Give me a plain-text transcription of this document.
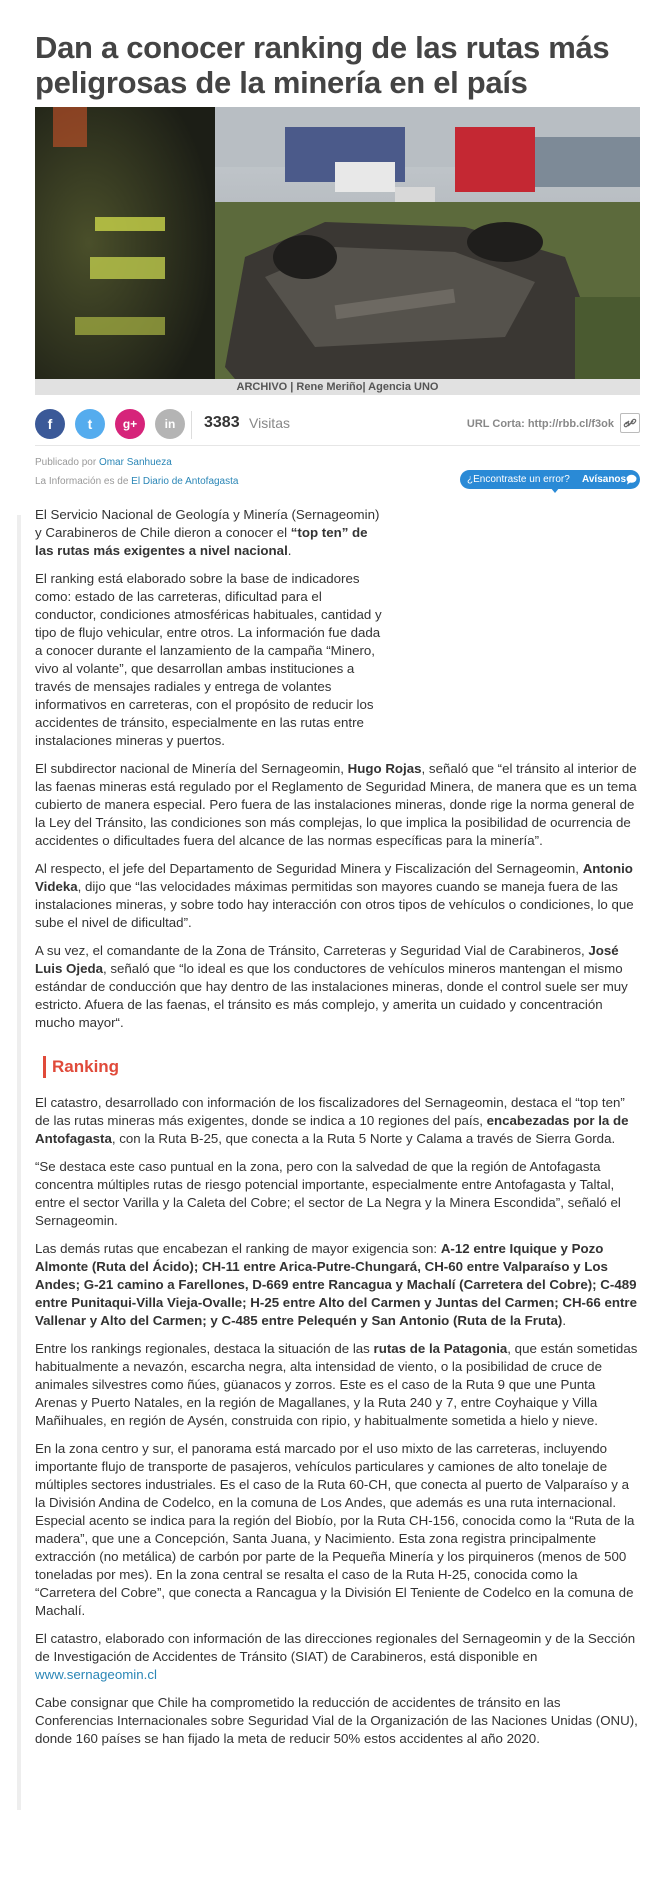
Dan a conocer ranking de las rutas más peligrosas de la minería en el país
ARCHIVO | Rene Meriño| Agencia UNO
f	t	g+	in	3383 Visitas	URL Corta: http://rbb.cl/f3ok
Publicado por Omar Sanhueza
La Información es de El Diario de Antofagasta	¿Encontraste un error? Avísanos

El Servicio Nacional de Geología y Minería (Sernageomin) y Carabineros de Chile dieron a conocer el “top ten” de las rutas más exigentes a nivel nacional.

El ranking está elaborado sobre la base de indicadores como: estado de las carreteras, dificultad para el conductor, condiciones atmosféricas habituales, cantidad y tipo de flujo vehicular, entre otros. La información fue dada a conocer durante el lanzamiento de la campaña “Minero, vivo al volante”, que desarrollan ambas instituciones a través de mensajes radiales y entrega de volantes informativos en carreteras, con el propósito de reducir los accidentes de tránsito, especialmente en las rutas entre instalaciones mineras y puertos.

El subdirector nacional de Minería del Sernageomin, Hugo Rojas, señaló que “el tránsito al interior de las faenas mineras está regulado por el Reglamento de Seguridad Minera, de manera que es un tema cubierto de manera especial. Pero fuera de las instalaciones mineras, donde rige la norma general de la Ley del Tránsito, las condiciones son más complejas, lo que implica la posibilidad de ocurrencia de accidentes o dificultades fuera del alcance de las normas específicas para la minería”.

Al respecto, el jefe del Departamento de Seguridad Minera y Fiscalización del Sernageomin, Antonio Videka, dijo que “las velocidades máximas permitidas son mayores cuando se maneja fuera de las instalaciones mineras, y sobre todo hay interacción con otros tipos de vehículos o condiciones, lo que sube el nivel de dificultad”.

A su vez, el comandante de la Zona de Tránsito, Carreteras y Seguridad Vial de Carabineros, José Luis Ojeda, señaló que “lo ideal es que los conductores de vehículos mineros mantengan el mismo estándar de conducción que hay dentro de las instalaciones mineras, donde el control suele ser muy estricto. Afuera de las faenas, el tránsito es más complejo, y amerita un cuidado y concentración mucho mayor“.

Ranking

El catastro, desarrollado con información de los fiscalizadores del Sernageomin, destaca el “top ten” de las rutas mineras más exigentes, donde se indica a 10 regiones del país, encabezadas por la de Antofagasta, con la Ruta B-25, que conecta a la Ruta 5 Norte y Calama a través de Sierra Gorda.

“Se destaca este caso puntual en la zona, pero con la salvedad de que la región de Antofagasta concentra múltiples rutas de riesgo potencial importante, especialmente entre Antofagasta y Taltal, entre el sector Varilla y la Caleta del Cobre; el sector de La Negra y la Minera Escondida”, señaló el Sernageomin.

Las demás rutas que encabezan el ranking de mayor exigencia son: A-12 entre Iquique y Pozo Almonte (Ruta del Ácido); CH-11 entre Arica-Putre-Chungará, CH-60 entre Valparaíso y Los Andes; G-21 camino a Farellones, D-669 entre Rancagua y Machalí (Carretera del Cobre); C-489 entre Punitaqui-Villa Vieja-Ovalle; H-25 entre Alto del Carmen y Juntas del Carmen; CH-66 entre Vallenar y Alto del Carmen; y C-485 entre Pelequén y San Antonio (Ruta de la Fruta).

Entre los rankings regionales, destaca la situación de las rutas de la Patagonia, que están sometidas habitualmente a nevazón, escarcha negra, alta intensidad de viento, o la posibilidad de cruce de animales silvestres como ñúes, güanacos y zorros. Este es el caso de la Ruta 9 que une Punta Arenas y Puerto Natales, en la región de Magallanes, y la Ruta 240 y 7, entre Coyhaique y Villa Mañihuales, en región de Aysén, construida con ripio, y habitualmente sometida a hielo y nieve.

En la zona centro y sur, el panorama está marcado por el uso mixto de las carreteras, incluyendo importante flujo de transporte de pasajeros, vehículos particulares y camiones de alto tonelaje de múltiples sectores industriales. Es el caso de la Ruta 60-CH, que conecta al puerto de Valparaíso y a la División Andina de Codelco, en la comuna de Los Andes, que además es una ruta internacional. Especial acento se indica para la región del Biobío, por la Ruta CH-156, conocida como la “Ruta de la madera”, que une a Concepción, Santa Juana, y Nacimiento. Esta zona registra principalmente extracción (no metálica) de carbón por parte de la Pequeña Minería y los pirquineros (menos de 500 toneladas por mes). En la zona central se resalta el caso de la Ruta H-25, conocida como la “Carretera del Cobre”, que conecta a Rancagua y la División El Teniente de Codelco en la comuna de Machalí.

El catastro, elaborado con información de las direcciones regionales del Sernageomin y de la Sección de Investigación de Accidentes de Tránsito (SIAT) de Carabineros, está disponible en www.sernageomin.cl

Cabe consignar que Chile ha comprometido la reducción de accidentes de tránsito en las Conferencias Internacionales sobre Seguridad Vial de la Organización de las Naciones Unidas (ONU), donde 160 países se han fijado la meta de reducir 50% estos accidentes al año 2020.
